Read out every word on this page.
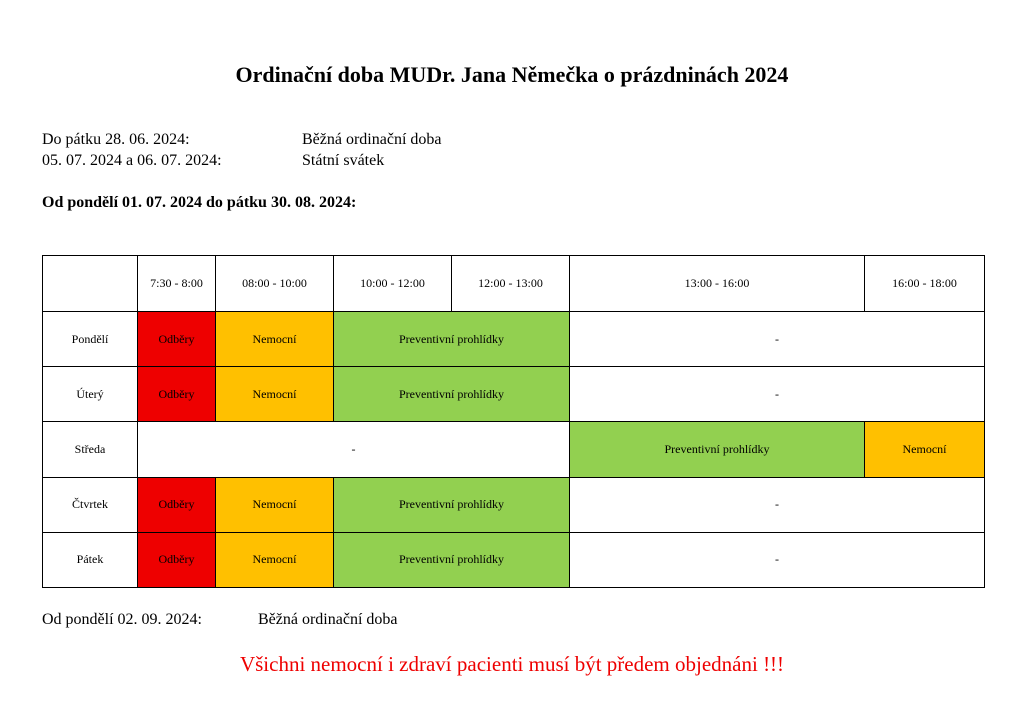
Ordinační doba MUDr. Jana Němečka o prázdninách 2024
Do pátku 28. 06. 2024:	Běžná ordinační doba
05. 07. 2024 a 06. 07. 2024:	Státní svátek
Od pondělí 01. 07. 2024 do pátku 30. 08. 2024:
	7:30 - 8:00	08:00 - 10:00	10:00 - 12:00	12:00 - 13:00	13:00 - 16:00	16:00 - 18:00
Pondělí	Odběry	Nemocní	Preventivní prohlídky		-	
Úterý	Odběry	Nemocní	Preventivní prohlídky		-	
Středa	-				Preventivní prohlídky	Nemocní
Čtvrtek	Odběry	Nemocní	Preventivní prohlídky		-	
Pátek	Odběry	Nemocní	Preventivní prohlídky		-	
Od pondělí 02. 09. 2024:	Běžná ordinační doba
Všichni nemocní i zdraví pacienti musí být předem objednáni !!!
